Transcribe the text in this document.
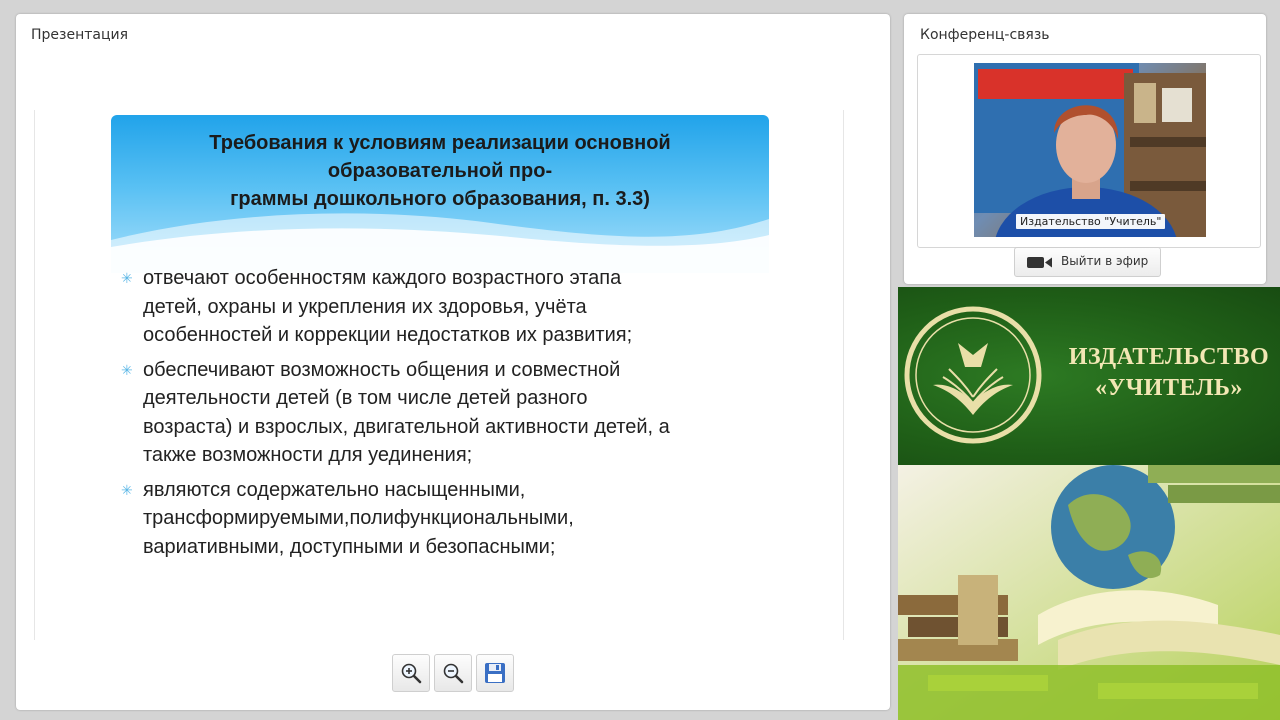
Презентация
Требования к условиям реализации основной
образовательной про-
граммы дошкольного образования, п. 3.3)
✳ отвечают особенностям каждого возрастного этапа
детей, охраны и укрепления их здоровья, учёта
особенностей и коррекции недостатков их развития;
✳ обеспечивают возможность общения и совместной
деятельности детей (в том числе детей разного
возраста) и взрослых, двигательной активности детей, а
также возможности для уединения;
✳ являются содержательно насыщенными,
трансформируемыми,полифункциональными,
вариативными, доступными и безопасными;
Конференц-связь
Издательство "Учитель"
Выйти в эфир
ИЗДАТЕЛЬСТВО
«УЧИТЕЛЬ»
